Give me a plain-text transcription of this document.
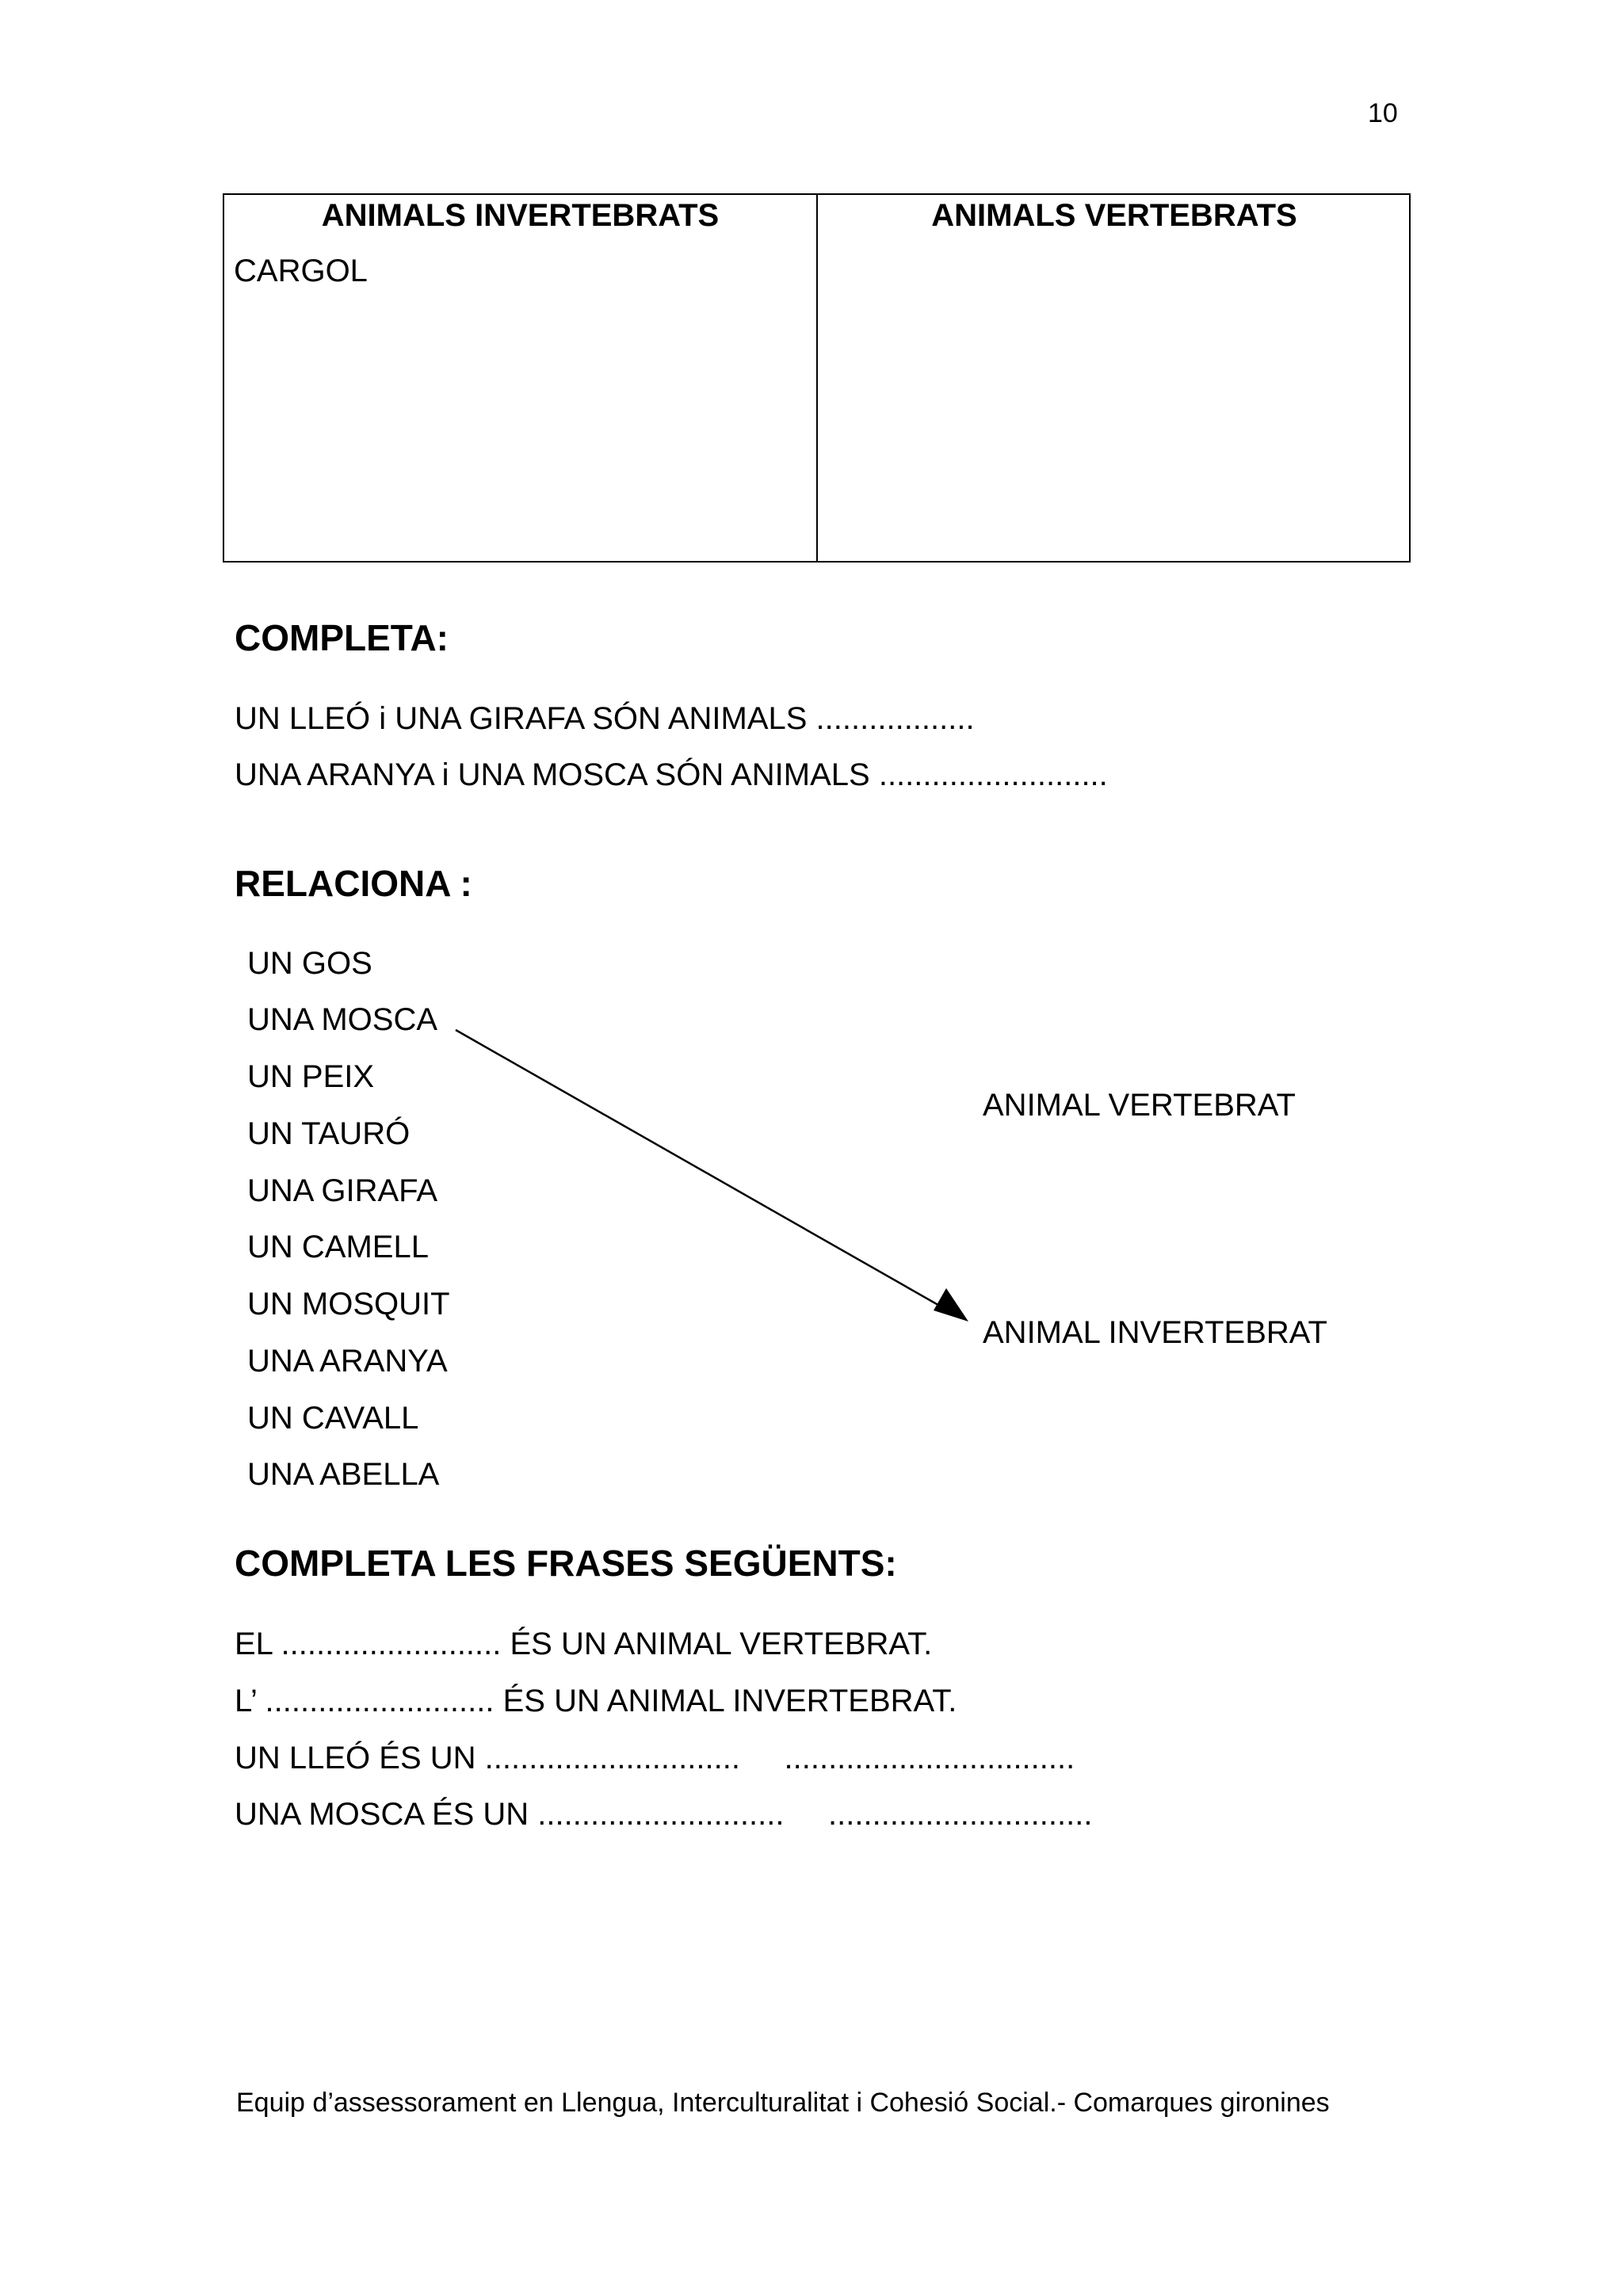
10
ANIMALS INVERTEBRATS	ANIMALS VERTEBRATS
CARGOL
COMPLETA:
UN LLEÓ i UNA GIRAFA SÓN ANIMALS ..................
UNA ARANYA i UNA MOSCA SÓN ANIMALS ..........................
RELACIONA :
UN GOS
UNA MOSCA
UN PEIX
UN TAURÓ
UNA GIRAFA
UN CAMELL
UN MOSQUIT
UNA ARANYA
UN CAVALL
UNA ABELLA
ANIMAL VERTEBRAT
ANIMAL INVERTEBRAT
COMPLETA LES FRASES SEGÜENTS:
EL ......................... ÉS UN ANIMAL VERTEBRAT.
L’ .......................... ÉS UN ANIMAL INVERTEBRAT.
UN LLEÓ ÉS UN .............................     .................................
UNA MOSCA ÉS UN ............................     ..............................
Equip d’assessorament en Llengua, Interculturalitat i Cohesió Social.- Comarques gironines
